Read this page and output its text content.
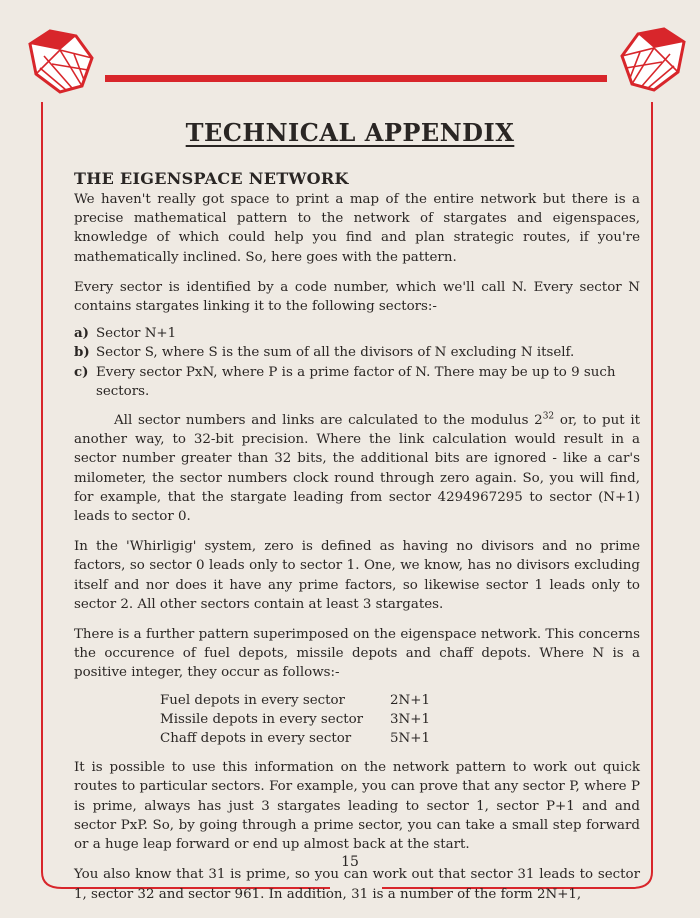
TECHNICAL APPENDIX
THE EIGENSPACE NETWORK

We haven't really got space to print a map of the entire network but there is a precise mathematical pattern to the network of stargates and eigenspaces, knowledge of which could help you find and plan strategic routes, if you're mathematically inclined. So, here goes with the pattern.

Every sector is identified by a code number, which we'll call N. Every sector N contains stargates linking it to the following sectors:-

a) Sector N+1
b) Sector S, where S is the sum of all the divisors of N excluding N itself.
c) Every sector PxN, where P is a prime factor of N. There may be up to 9 such sectors.

All sector numbers and links are calculated to the modulus $2^{32}$ or, to put it another way, to 32-bit precision. Where the link calculation would result in a sector number greater than 32 bits, the additional bits are ignored - like a car's milometer, the sector numbers clock round through zero again. So, you will find, for example, that the stargate leading from sector 4294967295 to sector (N+1) leads to sector 0.

In the 'Whirligig' system, zero is defined as having no divisors and no prime factors, so sector 0 leads only to sector 1. One, we know, has no divisors excluding itself and nor does it have any prime factors, so likewise sector 1 leads only to sector 2. All other sectors contain at least 3 stargates.

There is a further pattern superimposed on the eigenspace network. This concerns the occurence of fuel depots, missile depots and chaff depots. Where N is a positive integer, they occur as follows:-

Fuel depots in every sector	2N+1
Missile depots in every sector	3N+1
Chaff depots in every sector	5N+1

It is possible to use this information on the network pattern to work out quick routes to particular sectors. For example, you can prove that any sector P, where P is prime, always has just 3 stargates leading to sector 1, sector P+1 and and sector PxP. So, by going through a prime sector, you can take a small step forward or a huge leap forward or end up almost back at the start.

You also know that 31 is prime, so you can work out that sector 31 leads to sector 1, sector 32 and sector 961. In addition, 31 is a number of the form 2N+1,

15
